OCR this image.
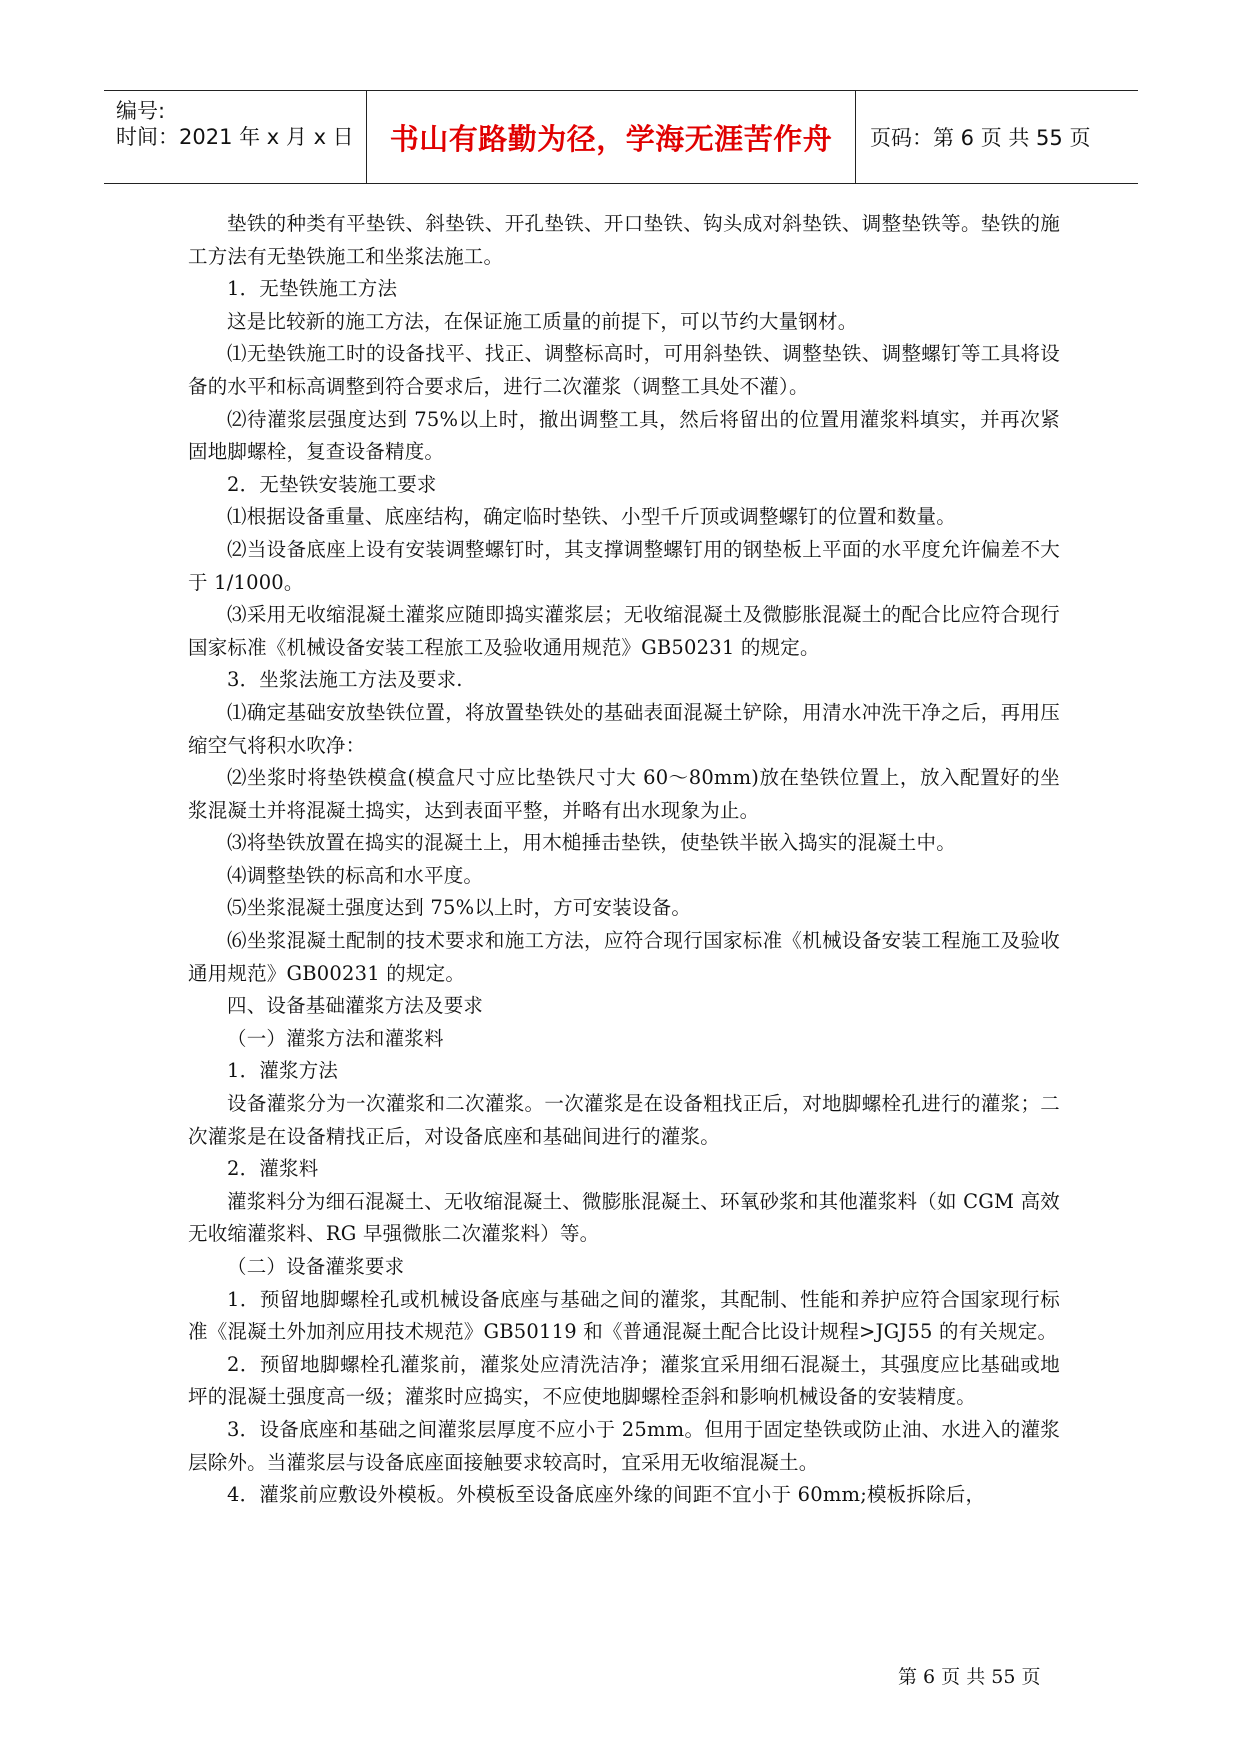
编号:
时间：2021 年 x 月 x 日	书山有路勤为径，学海无涯苦作舟	页码：第 6 页 共 55 页

垫铁的种类有平垫铁、斜垫铁、开孔垫铁、开口垫铁、钩头成对斜垫铁、调整垫铁等。垫铁的施工方法有无垫铁施工和坐浆法施工。

1．无垫铁施工方法

这是比较新的施工方法，在保证施工质量的前提下，可以节约大量钢材。

⑴无垫铁施工时的设备找平、找正、调整标高时，可用斜垫铁、调整垫铁、调整螺钉等工具将设备的水平和标高调整到符合要求后，进行二次灌浆（调整工具处不灌）。

⑵待灌浆层强度达到 75%以上时，撤出调整工具，然后将留出的位置用灌浆料填实，并再次紧固地脚螺栓，复查设备精度。

2．无垫铁安装施工要求

⑴根据设备重量、底座结构，确定临时垫铁、小型千斤顶或调整螺钉的位置和数量。

⑵当设备底座上设有安装调整螺钉时，其支撑调整螺钉用的钢垫板上平面的水平度允许偏差不大于 1/1000。

⑶采用无收缩混凝土灌浆应随即捣实灌浆层；无收缩混凝土及微膨胀混凝土的配合比应符合现行国家标准《机械设备安装工程旅工及验收通用规范》GB50231 的规定。

3．坐浆法施工方法及要求.

⑴确定基础安放垫铁位置，将放置垫铁处的基础表面混凝土铲除，用清水冲洗干净之后，再用压缩空气将积水吹净：

⑵坐浆时将垫铁模盒(模盒尺寸应比垫铁尺寸大 60～80mm)放在垫铁位置上，放入配置好的坐浆混凝土并将混凝土捣实，达到表面平整，并略有出水现象为止。

⑶将垫铁放置在捣实的混凝土上，用木槌捶击垫铁，使垫铁半嵌入捣实的混凝土中。

⑷调整垫铁的标高和水平度。

⑸坐浆混凝土强度达到 75%以上时，方可安装设备。

⑹坐浆混凝土配制的技术要求和施工方法，应符合现行国家标准《机械设备安装工程施工及验收通用规范》GB00231 的规定。

四、设备基础灌浆方法及要求

（一）灌浆方法和灌浆料

1．灌浆方法

设备灌浆分为一次灌浆和二次灌浆。一次灌浆是在设备粗找正后，对地脚螺栓孔进行的灌浆；二次灌浆是在设备精找正后，对设备底座和基础间进行的灌浆。

2．灌浆料

灌浆料分为细石混凝土、无收缩混凝土、微膨胀混凝土、环氧砂浆和其他灌浆料（如 CGM 高效无收缩灌浆料、RG 早强微胀二次灌浆料）等。

（二）设备灌浆要求

1．预留地脚螺栓孔或机械设备底座与基础之间的灌浆，其配制、性能和养护应符合国家现行标准《混凝土外加剂应用技术规范》GB50119 和《普通混凝土配合比设计规程>JGJ55 的有关规定。

2．预留地脚螺栓孔灌浆前，灌浆处应清洗洁净；灌浆宜采用细石混凝土，其强度应比基础或地坪的混凝土强度高一级；灌浆时应捣实，不应使地脚螺栓歪斜和影响机械设备的安装精度。

3．设备底座和基础之间灌浆层厚度不应小于 25mm。但用于固定垫铁或防止油、水进入的灌浆层除外。当灌浆层与设备底座面接触要求较高时，宜采用无收缩混凝土。

4．灌浆前应敷设外模板。外模板至设备底座外缘的间距不宜小于 60mm;模板拆除后，

第 6 页 共 55 页
